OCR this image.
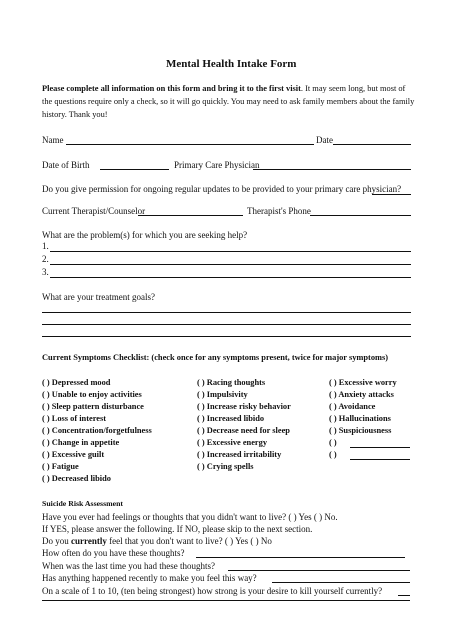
Mental Health Intake Form
Please complete all information on this form and bring it to the first visit. It may seem long, but most of
the questions require only a check, so it will go quickly. You may need to ask family members about the family
history. Thank you!
Name	Date
Date of Birth	Primary Care Physician
Do you give permission for ongoing regular updates to be provided to your primary care physician?
Current Therapist/Counselor	Therapist's Phone
What are the problem(s) for which you are seeking help?
1.
2.
3.
What are your treatment goals?
Current Symptoms Checklist: (check once for any symptoms present, twice for major symptoms)
( ) Depressed mood
( ) Unable to enjoy activities
( ) Sleep pattern disturbance
( ) Loss of interest
( ) Concentration/forgetfulness
( ) Change in appetite
( ) Excessive guilt
( ) Fatigue
( ) Decreased libido
( ) Racing thoughts
( ) Impulsivity
( ) Increase risky behavior
( ) Increased libido
( ) Decrease need for sleep
( ) Excessive energy
( ) Increased irritability
( ) Crying spells
( ) Excessive worry
( ) Anxiety attacks
( ) Avoidance
( ) Hallucinations
( ) Suspiciousness
( )
( )
Suicide Risk Assessment
Have you ever had feelings or thoughts that you didn't want to live? ( ) Yes ( ) No.
If YES, please answer the following. If NO, please skip to the next section.
Do you currently feel that you don't want to live? ( ) Yes ( ) No
How often do you have these thoughts?
When was the last time you had these thoughts?
Has anything happened recently to make you feel this way?
On a scale of 1 to 10, (ten being strongest) how strong is your desire to kill yourself currently?
